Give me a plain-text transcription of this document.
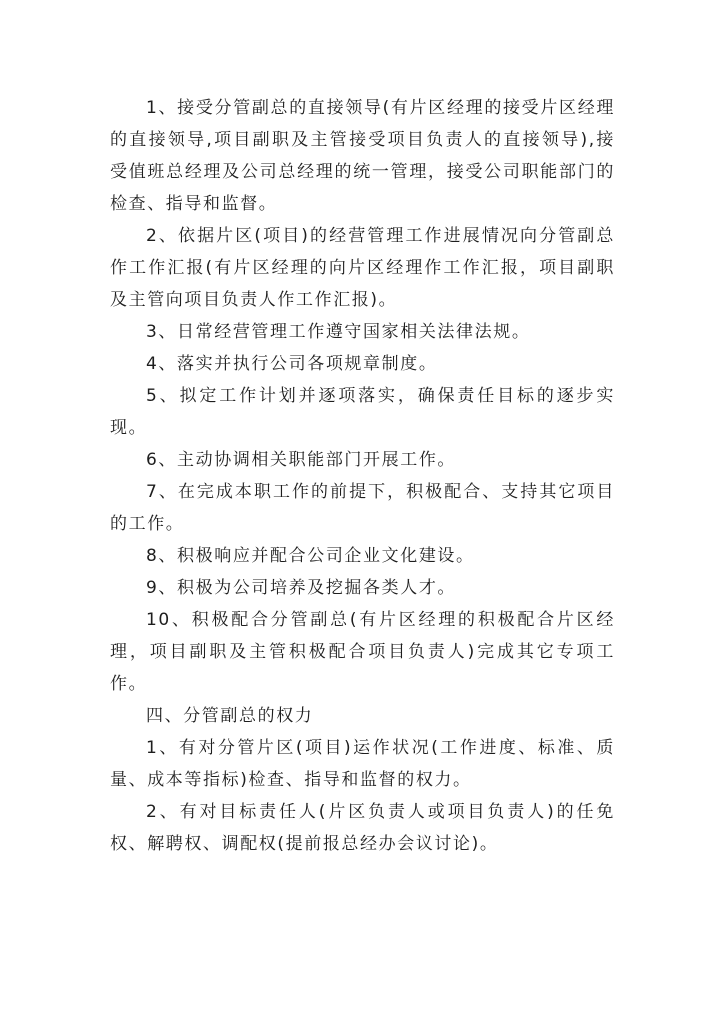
1、接受分管副总的直接领导(有片区经理的接受片区经理的直接领导,项目副职及主管接受项目负责人的直接领导),接受值班总经理及公司总经理的统一管理，接受公司职能部门的检查、指导和监督。

2、依据片区(项目)的经营管理工作进展情况向分管副总作工作汇报(有片区经理的向片区经理作工作汇报，项目副职及主管向项目负责人作工作汇报)。

3、日常经营管理工作遵守国家相关法律法规。

4、落实并执行公司各项规章制度。

5、拟定工作计划并逐项落实，确保责任目标的逐步实现。

6、主动协调相关职能部门开展工作。

7、在完成本职工作的前提下，积极配合、支持其它项目的工作。

8、积极响应并配合公司企业文化建设。

9、积极为公司培养及挖掘各类人才。

10、积极配合分管副总(有片区经理的积极配合片区经理，项目副职及主管积极配合项目负责人)完成其它专项工作。

四、分管副总的权力

1、有对分管片区(项目)运作状况(工作进度、标准、质量、成本等指标)检查、指导和监督的权力。

2、有对目标责任人(片区负责人或项目负责人)的任免权、解聘权、调配权(提前报总经办会议讨论)。
